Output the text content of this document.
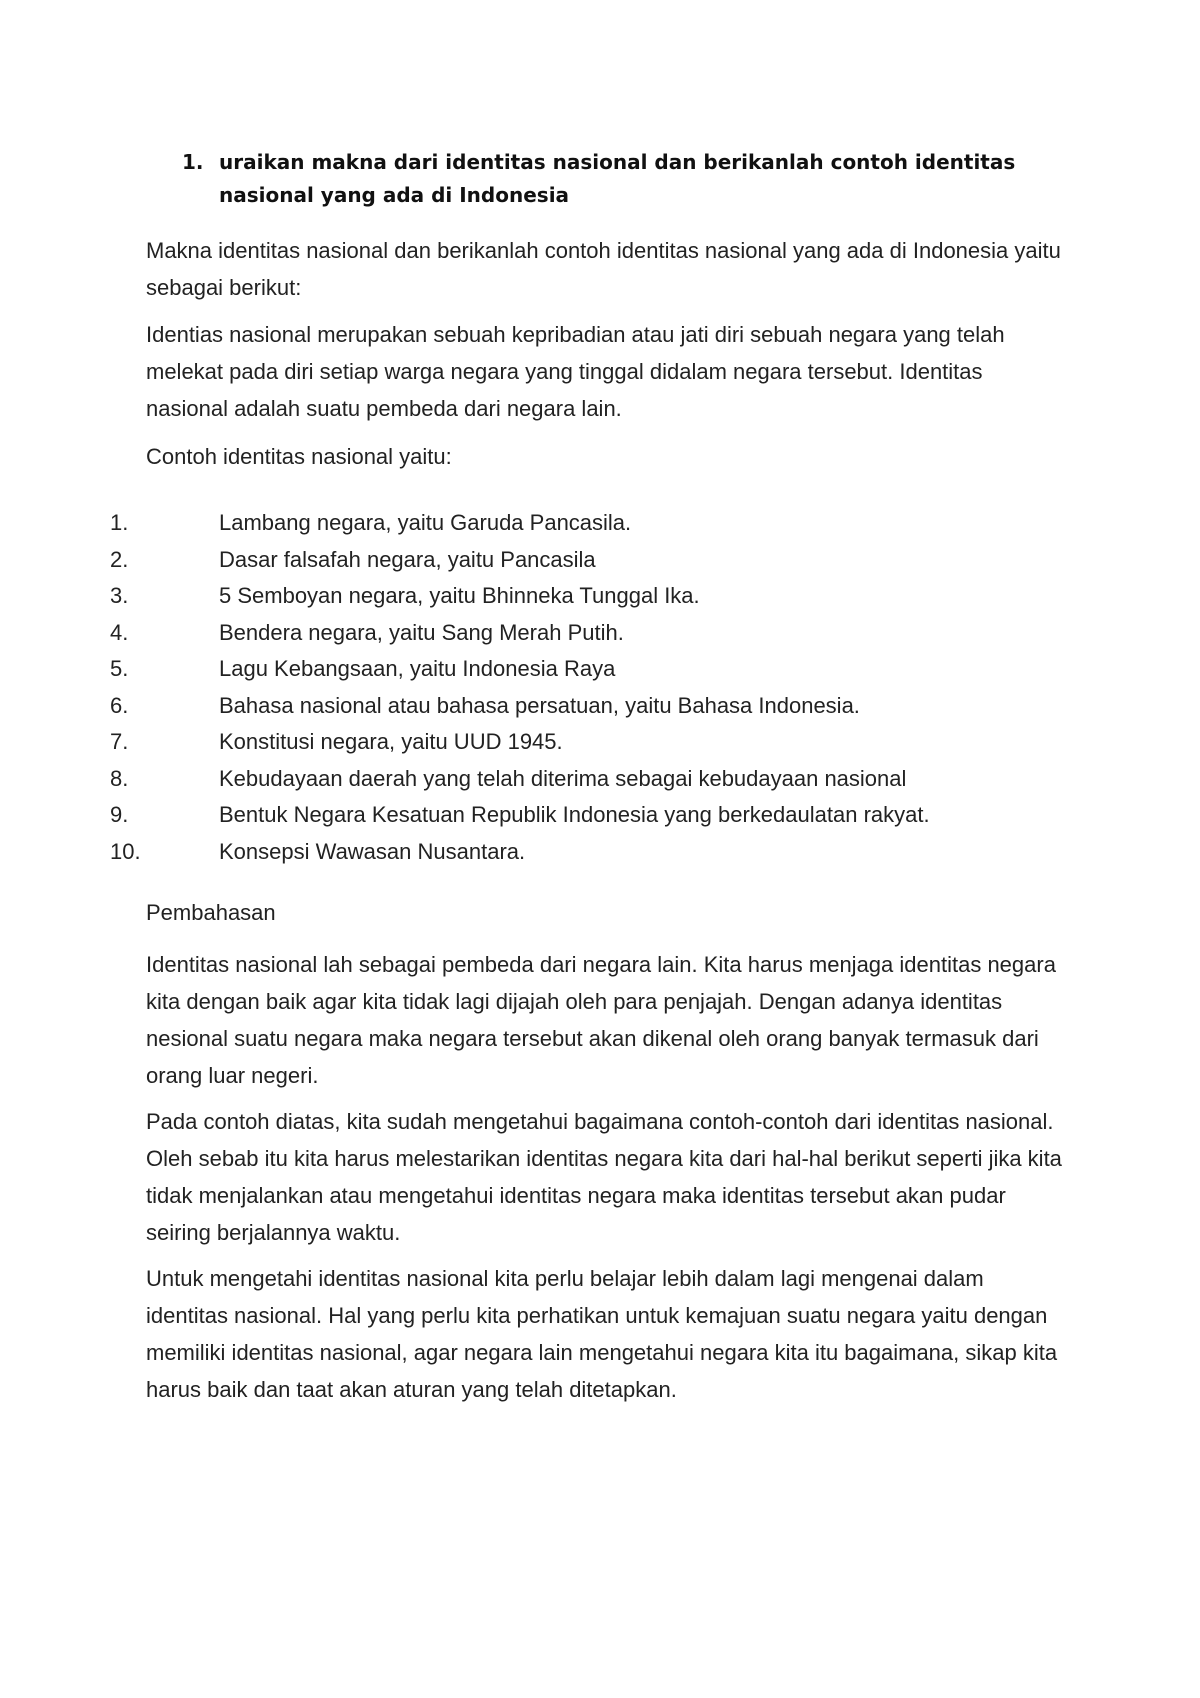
1. uraikan makna dari identitas nasional dan berikanlah contoh identitas nasional yang ada di Indonesia

Makna identitas nasional dan berikanlah contoh identitas nasional yang ada di Indonesia yaitu sebagai berikut:

Identias nasional merupakan sebuah kepribadian atau jati diri sebuah negara yang telah melekat pada diri setiap warga negara yang tinggal didalam negara tersebut. Identitas nasional adalah suatu pembeda dari negara lain.

Contoh identitas nasional yaitu:

1.	Lambang negara, yaitu Garuda Pancasila.
2.	Dasar falsafah negara, yaitu Pancasila
3.	5 Semboyan negara, yaitu Bhinneka Tunggal Ika.
4.	Bendera negara, yaitu Sang Merah Putih.
5.	Lagu Kebangsaan, yaitu Indonesia Raya
6.	Bahasa nasional atau bahasa persatuan, yaitu Bahasa Indonesia.
7.	Konstitusi negara, yaitu UUD 1945.
8.	Kebudayaan daerah yang telah diterima sebagai kebudayaan nasional
9.	Bentuk Negara Kesatuan Republik Indonesia yang berkedaulatan rakyat.
10.	Konsepsi Wawasan Nusantara.

Pembahasan

Identitas nasional lah sebagai pembeda dari negara lain. Kita harus menjaga identitas negara kita dengan baik agar kita tidak lagi dijajah oleh para penjajah. Dengan adanya identitas nesional suatu negara maka negara tersebut akan dikenal oleh orang banyak termasuk dari orang luar negeri.

Pada contoh diatas, kita sudah mengetahui bagaimana contoh-contoh dari identitas nasional. Oleh sebab itu kita harus melestarikan identitas negara kita dari hal-hal berikut seperti jika kita tidak menjalankan atau mengetahui identitas negara maka identitas tersebut akan pudar seiring berjalannya waktu.

Untuk mengetahi identitas nasional kita perlu belajar lebih dalam lagi mengenai dalam identitas nasional. Hal yang perlu kita perhatikan untuk kemajuan suatu negara yaitu dengan memiliki identitas nasional, agar negara lain mengetahui negara kita itu bagaimana, sikap kita harus baik dan taat akan aturan yang telah ditetapkan.
